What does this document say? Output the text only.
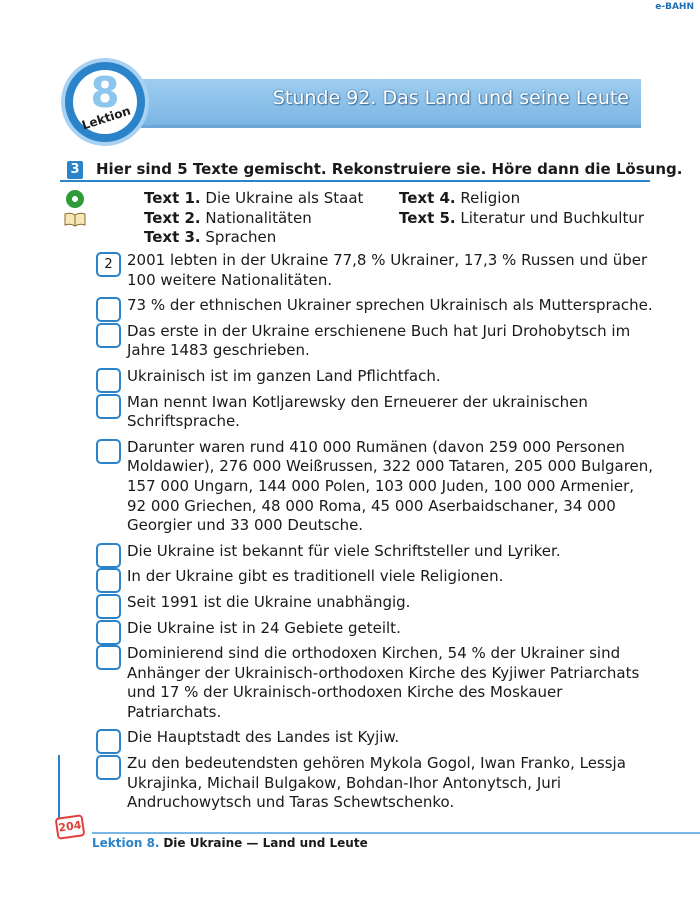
e-BAHN
Stunde 92. Das Land und seine Leute
8
Lektion
3 Hier sind 5 Texte gemischt. Rekonstruiere sie. Höre dann die Lösung.
Text 1. Die Ukraine als Staat
Text 2. Nationalitäten
Text 3. Sprachen
Text 4. Religion
Text 5. Literatur und Buchkultur
2 2001 lebten in der Ukraine 77,8 % Ukrainer, 17,3 % Russen und über 100 weitere Nationalitäten.
73 % der ethnischen Ukrainer sprechen Ukrainisch als Muttersprache.
Das erste in der Ukraine erschienene Buch hat Juri Drohobytsch im Jahre 1483 geschrieben.
Ukrainisch ist im ganzen Land Pflichtfach.
Man nennt Iwan Kotljarewsky den Erneuerer der ukrainischen Schriftsprache.
Darunter waren rund 410 000 Rumänen (davon 259 000 Personen Moldawier), 276 000 Weißrussen, 322 000 Tataren, 205 000 Bulgaren, 157 000 Ungarn, 144 000 Polen, 103 000 Juden, 100 000 Armenier, 92 000 Griechen, 48 000 Roma, 45 000 Aserbaidschaner, 34 000 Georgier und 33 000 Deutsche.
Die Ukraine ist bekannt für viele Schriftsteller und Lyriker.
In der Ukraine gibt es traditionell viele Religionen.
Seit 1991 ist die Ukraine unabhängig.
Die Ukraine ist in 24 Gebiete geteilt.
Dominierend sind die orthodoxen Kirchen, 54 % der Ukrainer sind Anhänger der Ukrainisch-orthodoxen Kirche des Kyjiwer Patriarchats und 17 % der Ukrainisch-orthodoxen Kirche des Moskauer Patriarchats.
Die Hauptstadt des Landes ist Kyjiw.
Zu den bedeutendsten gehören Mykola Gogol, Iwan Franko, Lessja Ukrajinka, Michail Bulgakow, Bohdan-Ihor Antonytsch, Juri Andruchowytsch und Taras Schewtschenko.
204
Lektion 8. Die Ukraine — Land und Leute
